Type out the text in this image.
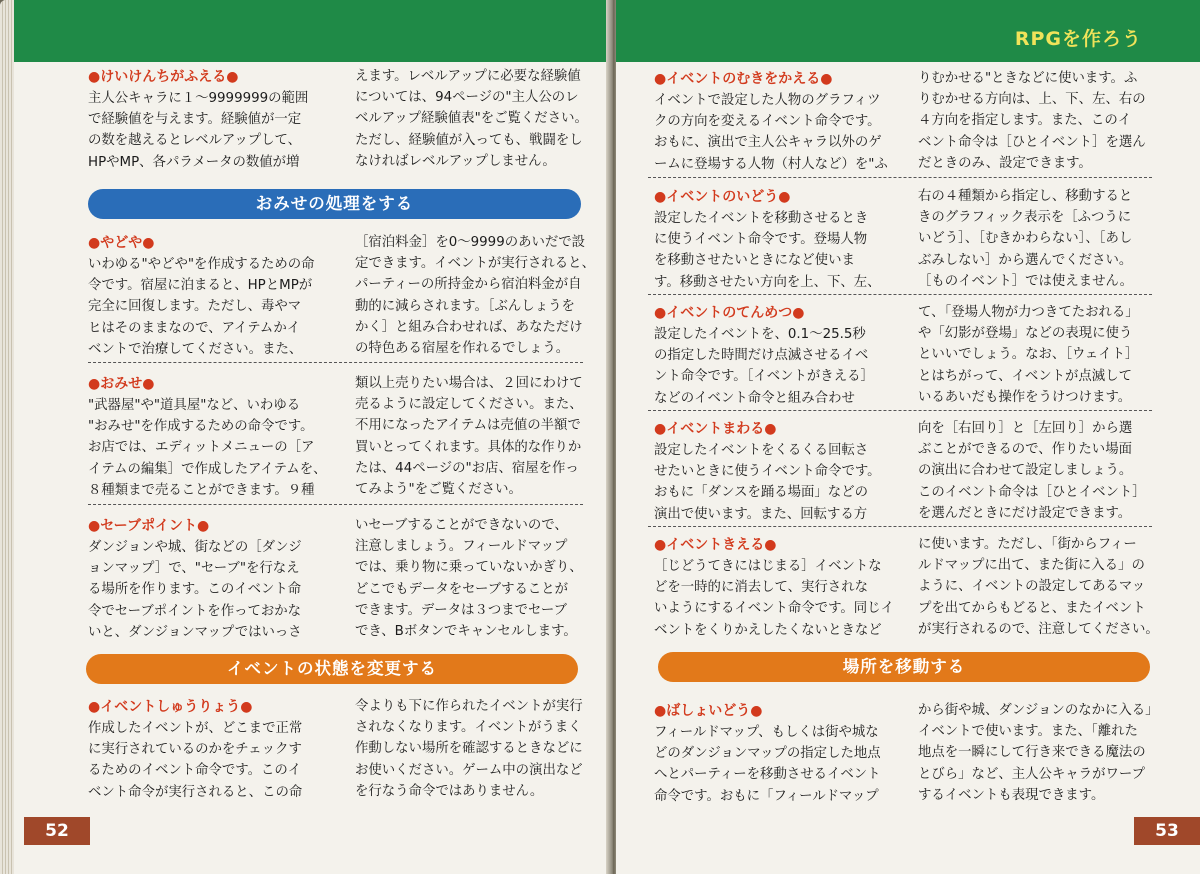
●けいけんちがふえる●

主人公キャラに１～9999999の範囲
で経験値を与えます。経験値が一定
の数を越えるとレベルアップして、
HPやMP、各パラメータの数値が増

えます。レベルアップに必要な経験値
については、94ページの"主人公のレ
ベルアップ経験値表"をご覧ください。
ただし、経験値が入っても、戦闘をし
なければレベルアップしません。

おみせの処理をする
●やどや●

いわゆる"やどや"を作成するための命
令です。宿屋に泊まると、HPとMPが
完全に回復します。ただし、毒やマ
ヒはそのままなので、アイテムかイ
ベントで治療してください。また、

［宿泊料金］を0～9999のあいだで設
定できます。イベントが実行されると、
パーティーの所持金から宿泊料金が自
動的に減らされます。［ぶんしょうを
かく］と組み合わせれば、あなただけ
の特色ある宿屋を作れるでしょう。

●おみせ●

"武器屋"や"道具屋"など、いわゆる
"おみせ"を作成するための命令です。
お店では、エディットメニューの［ア
イテムの編集］で作成したアイテムを、
８種類まで売ることができます。９種

類以上売りたい場合は、２回にわけて
売るように設定してください。また、
不用になったアイテムは売値の半額で
買いとってくれます。具体的な作りか
たは、44ページの"お店、宿屋を作っ
てみよう"をご覧ください。

●セーブポイント●

ダンジョンや城、街などの［ダンジ
ョンマップ］で、"セーブ"を行なえ
る場所を作ります。このイベント命
令でセーブポイントを作っておかな
いと、ダンジョンマップではいっさ

いセーブすることができないので、
注意しましょう。フィールドマップ
では、乗り物に乗っていないかぎり、
どこでもデータをセーブすることが
できます。データは３つまでセーブ
でき、Bボタンでキャンセルします。

イベントの状態を変更する
●イベントしゅうりょう●

作成したイベントが、どこまで正常
に実行されているのかをチェックす
るためのイベント命令です。このイ
ベント命令が実行されると、この命

令よりも下に作られたイベントが実行
されなくなります。イベントがうまく
作動しない場所を確認するときなどに
お使いください。ゲーム中の演出など
を行なう命令ではありません。

52
RPGを作ろう
●イベントのむきをかえる●

イベントで設定した人物のグラフィツ
クの方向を変えるイベント命令です。
おもに、演出で主人公キャラ以外のゲ
ームに登場する人物（村人など）を"ふ

りむかせる"ときなどに使います。ふ
りむかせる方向は、上、下、左、右の
４方向を指定します。また、このイ
ベント命令は［ひとイベント］を選ん
だときのみ、設定できます。

●イベントのいどう●

設定したイベントを移動させるとき
に使うイベント命令です。登場人物
を移動させたいときになど使いま
す。移動させたい方向を上、下、左、

右の４種類から指定し、移動すると
きのグラフィック表示を［ふつうに
いどう］、［むきかわらない］、［あし
ぶみしない］から選んでください。
［ものイベント］では使えません。

●イベントのてんめつ●

設定したイベントを、0.1～25.5秒
の指定した時間だけ点滅させるイベ
ント命令です。［イベントがきえる］
などのイベント命令と組み合わせ

て、「登場人物が力つきてたおれる」
や「幻影が登場」などの表現に使う
といいでしょう。なお、［ウェイト］
とはちがって、イベントが点滅して
いるあいだも操作をうけつけます。

●イベントまわる●

設定したイベントをくるくる回転さ
せたいときに使うイベント命令です。
おもに「ダンスを踊る場面」などの
演出で使います。また、回転する方

向を［右回り］と［左回り］から選
ぶことができるので、作りたい場面
の演出に合わせて設定しましょう。
このイベント命令は［ひとイベント］
を選んだときにだけ設定できます。

●イベントきえる●

［じどうてきにはじまる］イベントな
どを一時的に消去して、実行されな
いようにするイベント命令です。同じイ
ベントをくりかえしたくないときなど

に使います。ただし、「街からフィー
ルドマップに出て、また街に入る」の
ように、イベントの設定してあるマッ
プを出てからもどると、またイベント
が実行されるので、注意してください。

場所を移動する
●ばしょいどう●

フィールドマップ、もしくは街や城な
どのダンジョンマップの指定した地点
へとパーティーを移動させるイベント
命令です。おもに「フィールドマップ

から街や城、ダンジョンのなかに入る」
イベントで使います。また、「離れた
地点を一瞬にして行き来できる魔法の
とびら」など、主人公キャラがワープ
するイベントも表現できます。

53
